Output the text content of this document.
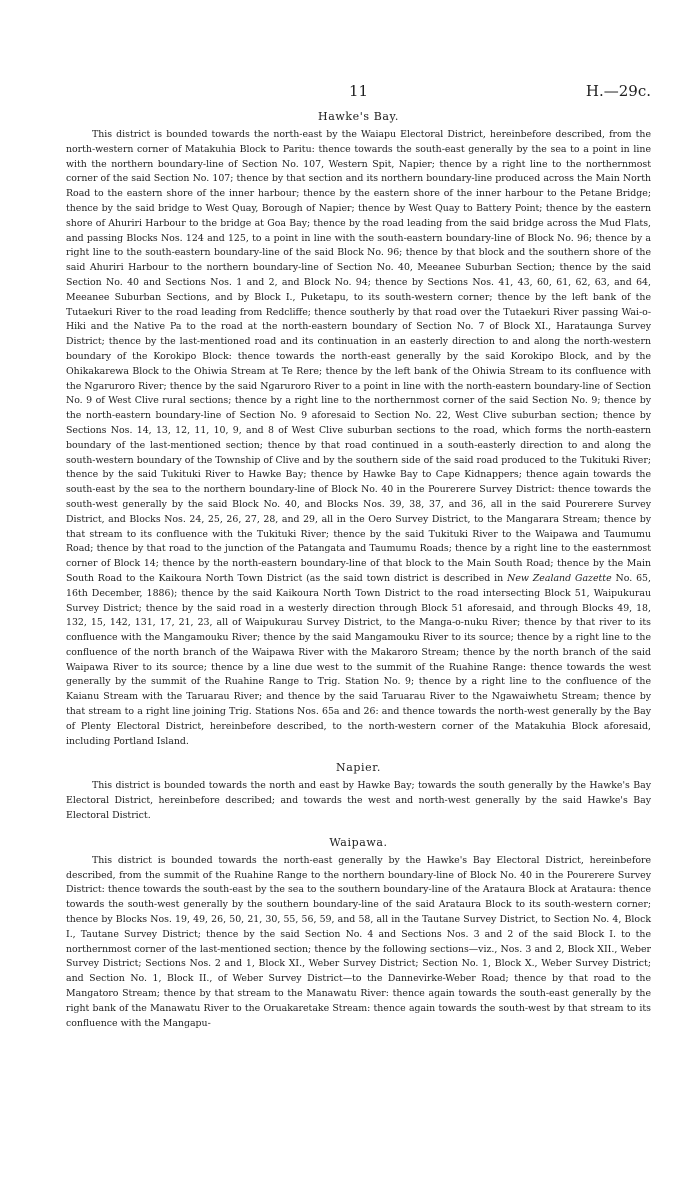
11	H.—29c.
Hawke's Bay.

This district is bounded towards the north-east by the Waiapu Electoral District, hereinbefore described, from the north-western corner of Matakuhia Block to Paritu: thence towards the south-east generally by the sea to a point in line with the northern boundary-line of Section No. 107, Western Spit, Napier; thence by a right line to the northernmost corner of the said Section No. 107; thence by that section and its northern boundary-line produced across the Main North Road to the eastern shore of the inner harbour; thence by the eastern shore of the inner harbour to the Petane Bridge; thence by the said bridge to West Quay, Borough of Napier; thence by West Quay to Battery Point; thence by the eastern shore of Ahuriri Harbour to the bridge at Goa Bay; thence by the road leading from the said bridge across the Mud Flats, and passing Blocks Nos. 124 and 125, to a point in line with the south-eastern boundary-line of Block No. 96; thence by a right line to the south-eastern boundary-line of the said Block No. 96; thence by that block and the southern shore of the said Ahuriri Harbour to the northern boundary-line of Section No. 40, Meeanee Suburban Section; thence by the said Section No. 40 and Sections Nos. 1 and 2, and Block No. 94; thence by Sections Nos. 41, 43, 60, 61, 62, 63, and 64, Meeanee Suburban Sections, and by Block I., Puketapu, to its south-western corner; thence by the left bank of the Tutaekuri River to the road leading from Redcliffe; thence southerly by that road over the Tutaekuri River passing Wai-o-Hiki and the Native Pa to the road at the north-eastern boundary of Section No. 7 of Block XI., Harataunga Survey District; thence by the last-mentioned road and its continuation in an easterly direction to and along the north-western boundary of the Korokipo Block: thence towards the north-east generally by the said Korokipo Block, and by the Ohikakarewa Block to the Ohiwia Stream at Te Rere; thence by the left bank of the Ohiwia Stream to its confluence with the Ngaruroro River; thence by the said Ngaruroro River to a point in line with the north-eastern boundary-line of Section No. 9 of West Clive rural sections; thence by a right line to the northernmost corner of the said Section No. 9; thence by the north-eastern boundary-line of Section No. 9 aforesaid to Section No. 22, West Clive suburban section; thence by Sections Nos. 14, 13, 12, 11, 10, 9, and 8 of West Clive suburban sections to the road, which forms the north-eastern boundary of the last-mentioned section; thence by that road continued in a south-easterly direction to and along the south-western boundary of the Township of Clive and by the southern side of the said road produced to the Tukituki River; thence by the said Tukituki River to Hawke Bay; thence by Hawke Bay to Cape Kidnappers; thence again towards the south-east by the sea to the northern boundary-line of Block No. 40 in the Pourerere Survey District: thence towards the south-west generally by the said Block No. 40, and Blocks Nos. 39, 38, 37, and 36, all in the said Pourerere Survey District, and Blocks Nos. 24, 25, 26, 27, 28, and 29, all in the Oero Survey District, to the Mangarara Stream; thence by that stream to its confluence with the Tukituki River; thence by the said Tukituki River to the Waipawa and Taumumu Road; thence by that road to the junction of the Patangata and Taumumu Roads; thence by a right line to the easternmost corner of Block 14; thence by the north-eastern boundary-line of that block to the Main South Road; thence by the Main South Road to the Kaikoura North Town District (as the said town district is described in New Zealand Gazette No. 65, 16th December, 1886); thence by the said Kaikoura North Town District to the road intersecting Block 51, Waipukurau Survey District; thence by the said road in a westerly direction through Block 51 aforesaid, and through Blocks 49, 18, 132, 15, 142, 131, 17, 21, 23, all of Waipukurau Survey District, to the Manga-o-nuku River; thence by that river to its confluence with the Mangamouku River; thence by the said Mangamouku River to its source; thence by a right line to the confluence of the north branch of the Waipawa River with the Makaroro Stream; thence by the north branch of the said Waipawa River to its source; thence by a line due west to the summit of the Ruahine Range: thence towards the west generally by the summit of the Ruahine Range to Trig. Station No. 9; thence by a right line to the confluence of the Kaianu Stream with the Taruarau River; and thence by the said Taruarau River to the Ngawaiwhetu Stream; thence by that stream to a right line joining Trig. Stations Nos. 65a and 26: and thence towards the north-west generally by the Bay of Plenty Electoral District, hereinbefore described, to the north-western corner of the Matakuhia Block aforesaid, including Portland Island.

Napier.

This district is bounded towards the north and east by Hawke Bay; towards the south generally by the Hawke's Bay Electoral District, hereinbefore described; and towards the west and north-west generally by the said Hawke's Bay Electoral District.

Waipawa.

This district is bounded towards the north-east generally by the Hawke's Bay Electoral District, hereinbefore described, from the summit of the Ruahine Range to the northern boundary-line of Block No. 40 in the Pourerere Survey District: thence towards the south-east by the sea to the southern boundary-line of the Arataura Block at Arataura: thence towards the south-west generally by the southern boundary-line of the said Arataura Block to its south-western corner; thence by Blocks Nos. 19, 49, 26, 50, 21, 30, 55, 56, 59, and 58, all in the Tautane Survey District, to Section No. 4, Block I., Tautane Survey District; thence by the said Section No. 4 and Sections Nos. 3 and 2 of the said Block I. to the northernmost corner of the last-mentioned section; thence by the following sections—viz., Nos. 3 and 2, Block XII., Weber Survey District; Sections Nos. 2 and 1, Block XI., Weber Survey District; Section No. 1, Block X., Weber Survey District; and Section No. 1, Block II., of Weber Survey District—to the Dannevirke-Weber Road; thence by that road to the Mangatoro Stream; thence by that stream to the Manawatu River: thence again towards the south-east generally by the right bank of the Manawatu River to the Oruakaretake Stream: thence again towards the south-west by that stream to its confluence with the Mangapu-
